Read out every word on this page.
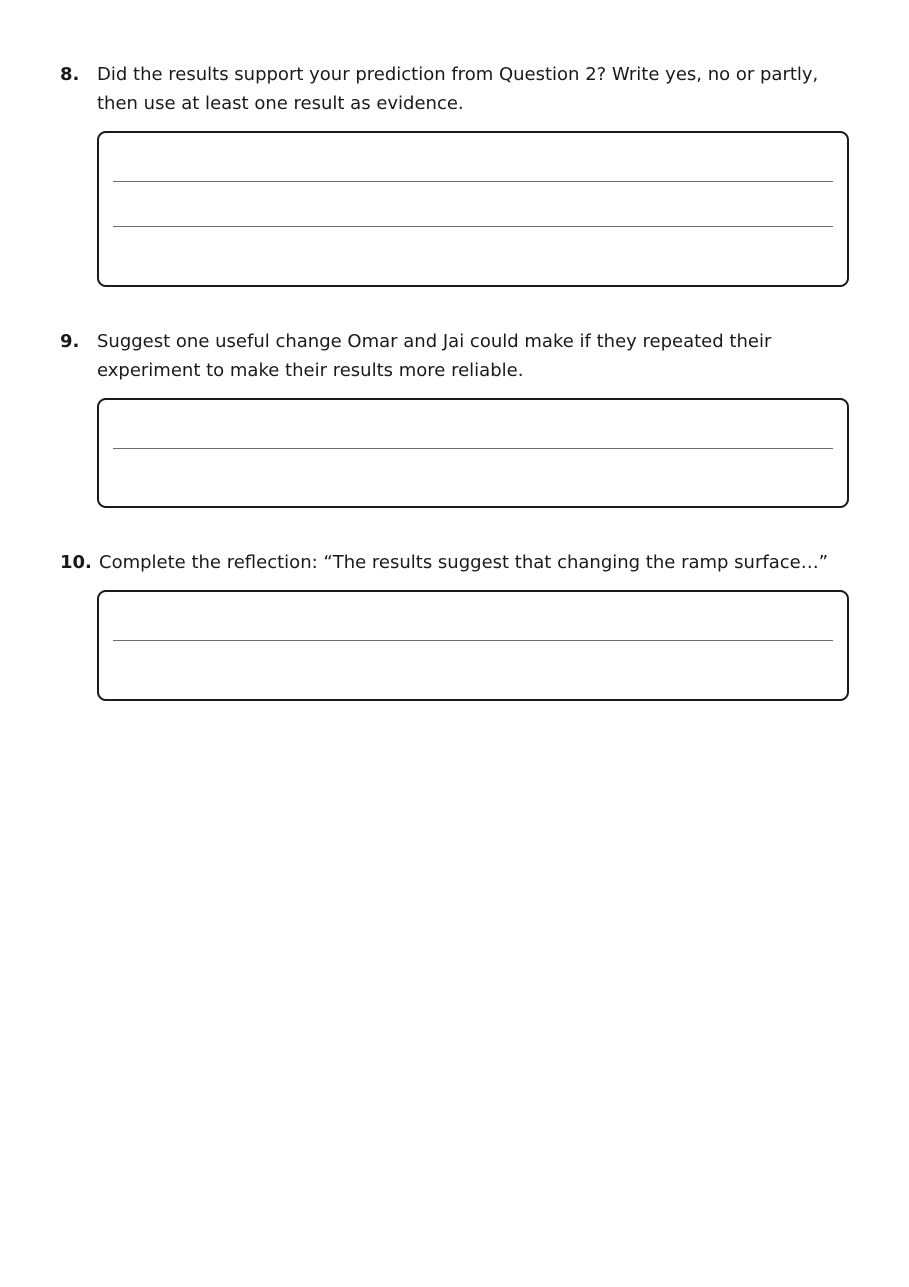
8. Did the results support your prediction from Question 2? Write yes, no or partly, then use at least one result as evidence.
9. Suggest one useful change Omar and Jai could make if they repeated their experiment to make their results more reliable.
10. Complete the reflection: “The results suggest that changing the ramp surface…”
